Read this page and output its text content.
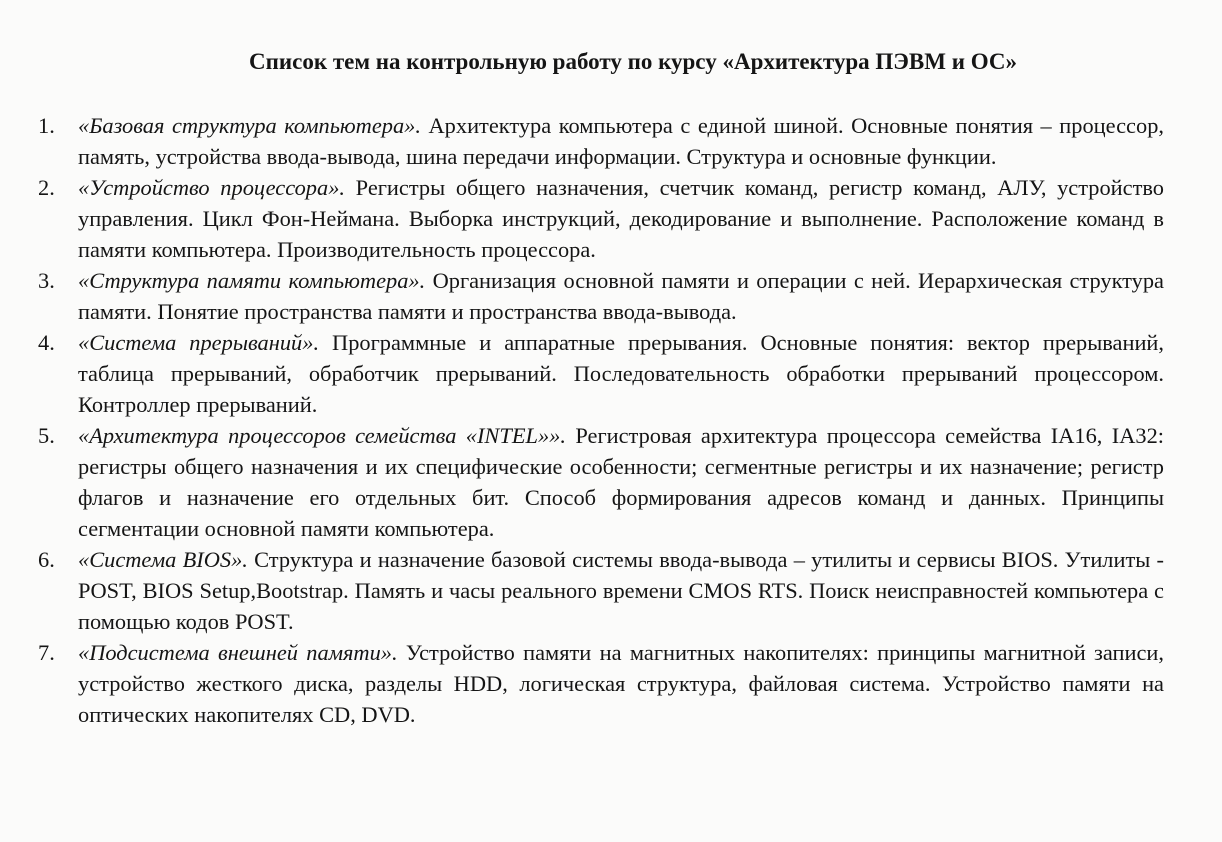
Список тем на контрольную работу по курсу «Архитектура ПЭВМ и ОС»
1.	«Базовая структура компьютера». Архитектура компьютера с единой шиной. Основные понятия – процессор, память, устройства ввода-вывода, шина передачи информации. Структура и основные функции.
2.	«Устройство процессора». Регистры общего назначения, счетчик команд, регистр команд, АЛУ, устройство управления. Цикл Фон-Неймана. Выборка инструкций, декодирование и выполнение. Расположение команд в памяти компьютера. Производительность процессора.
3.	«Структура памяти компьютера». Организация основной памяти и операции с ней. Иерархическая структура памяти. Понятие пространства памяти и пространства ввода-вывода.
4.	«Система прерываний». Программные и аппаратные прерывания. Основные понятия: вектор прерываний, таблица прерываний, обработчик прерываний. Последовательность обработки прерываний процессором. Контроллер прерываний.
5.	«Архитектура процессоров семейства «INTEL»». Регистровая архитектура процессора семейства IA16, IA32: регистры общего назначения и их специфические особенности; сегментные регистры и их назначение; регистр флагов и назначение его отдельных бит. Способ формирования адресов команд и данных. Принципы сегментации основной памяти компьютера.
6.	«Система BIOS». Структура и назначение базовой системы ввода-вывода – утилиты и сервисы BIOS. Утилиты - POST, BIOS Setup,Bootstrap. Память и часы реального времени CMOS RTS. Поиск неисправностей компьютера с помощью кодов POST.
7.	«Подсистема внешней памяти». Устройство памяти на магнитных накопителях: принципы магнитной записи, устройство жесткого диска, разделы HDD, логическая структура, файловая система. Устройство памяти на оптических накопителях CD, DVD.
